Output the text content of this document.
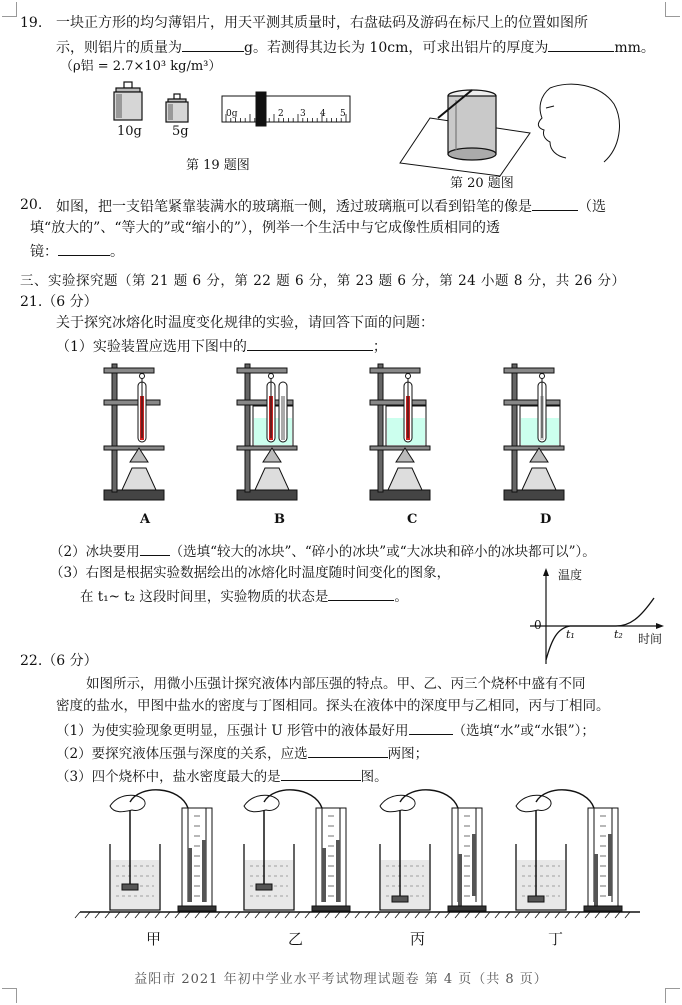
19. 一块正方形的均匀薄铝片，用天平测其质量时，右盘砝码及游码在标尺上的位置如图所
示，则铝片的质量为	g。若测得其边长为 10cm，可求出铝片的厚度为	mm。
（ρ铝 = 2.7×10³ kg/m³）
10g 5g
第 19 题图
0g 1 2 3 4 5
第 20 题图
20. 如图，把一支铅笔紧靠装满水的玻璃瓶一侧，透过玻璃瓶可以看到铅笔的像是	（选
填“放大的”、“等大的”或“缩小的”），例举一个生活中与它成像性质相同的透
镜：	。
三、实验探究题（第 21 题 6 分，第 22 题 6 分，第 23 题 6 分，第 24 小题 8 分，共 26 分）
21.（6 分）
关于探究冰熔化时温度变化规律的实验，请回答下面的问题：
（1）实验装置应选用下图中的	；
A	B	C	D
（2）冰块要用 （选填“较大的冰块”、“碎小的冰块”或“大冰块和碎小的冰块都可以”）。
（3）右图是根据实验数据绘出的冰熔化时温度随时间变化的图象，
在 t₁~ t₂ 这段时间里，实验物质的状态是	。
温度
0
t₁	t₂ 时间
22.（6 分）
如图所示，用微小压强计探究液体内部压强的特点。甲、乙、丙三个烧杯中盛有不同
密度的盐水，甲图中盐水的密度与丁图相同。探头在液体中的深度甲与乙相同，丙与丁相同。
（1）为使实验现象更明显，压强计 U 形管中的液体最好用	（选填“水”或“水银”）；
（2）要探究液体压强与深度的关系，应选	两图；
（3）四个烧杯中，盐水密度最大的是	图。
甲	乙	丙	丁
益阳市 2021 年初中学业水平考试物理试题卷 第 4 页（共 8 页）
